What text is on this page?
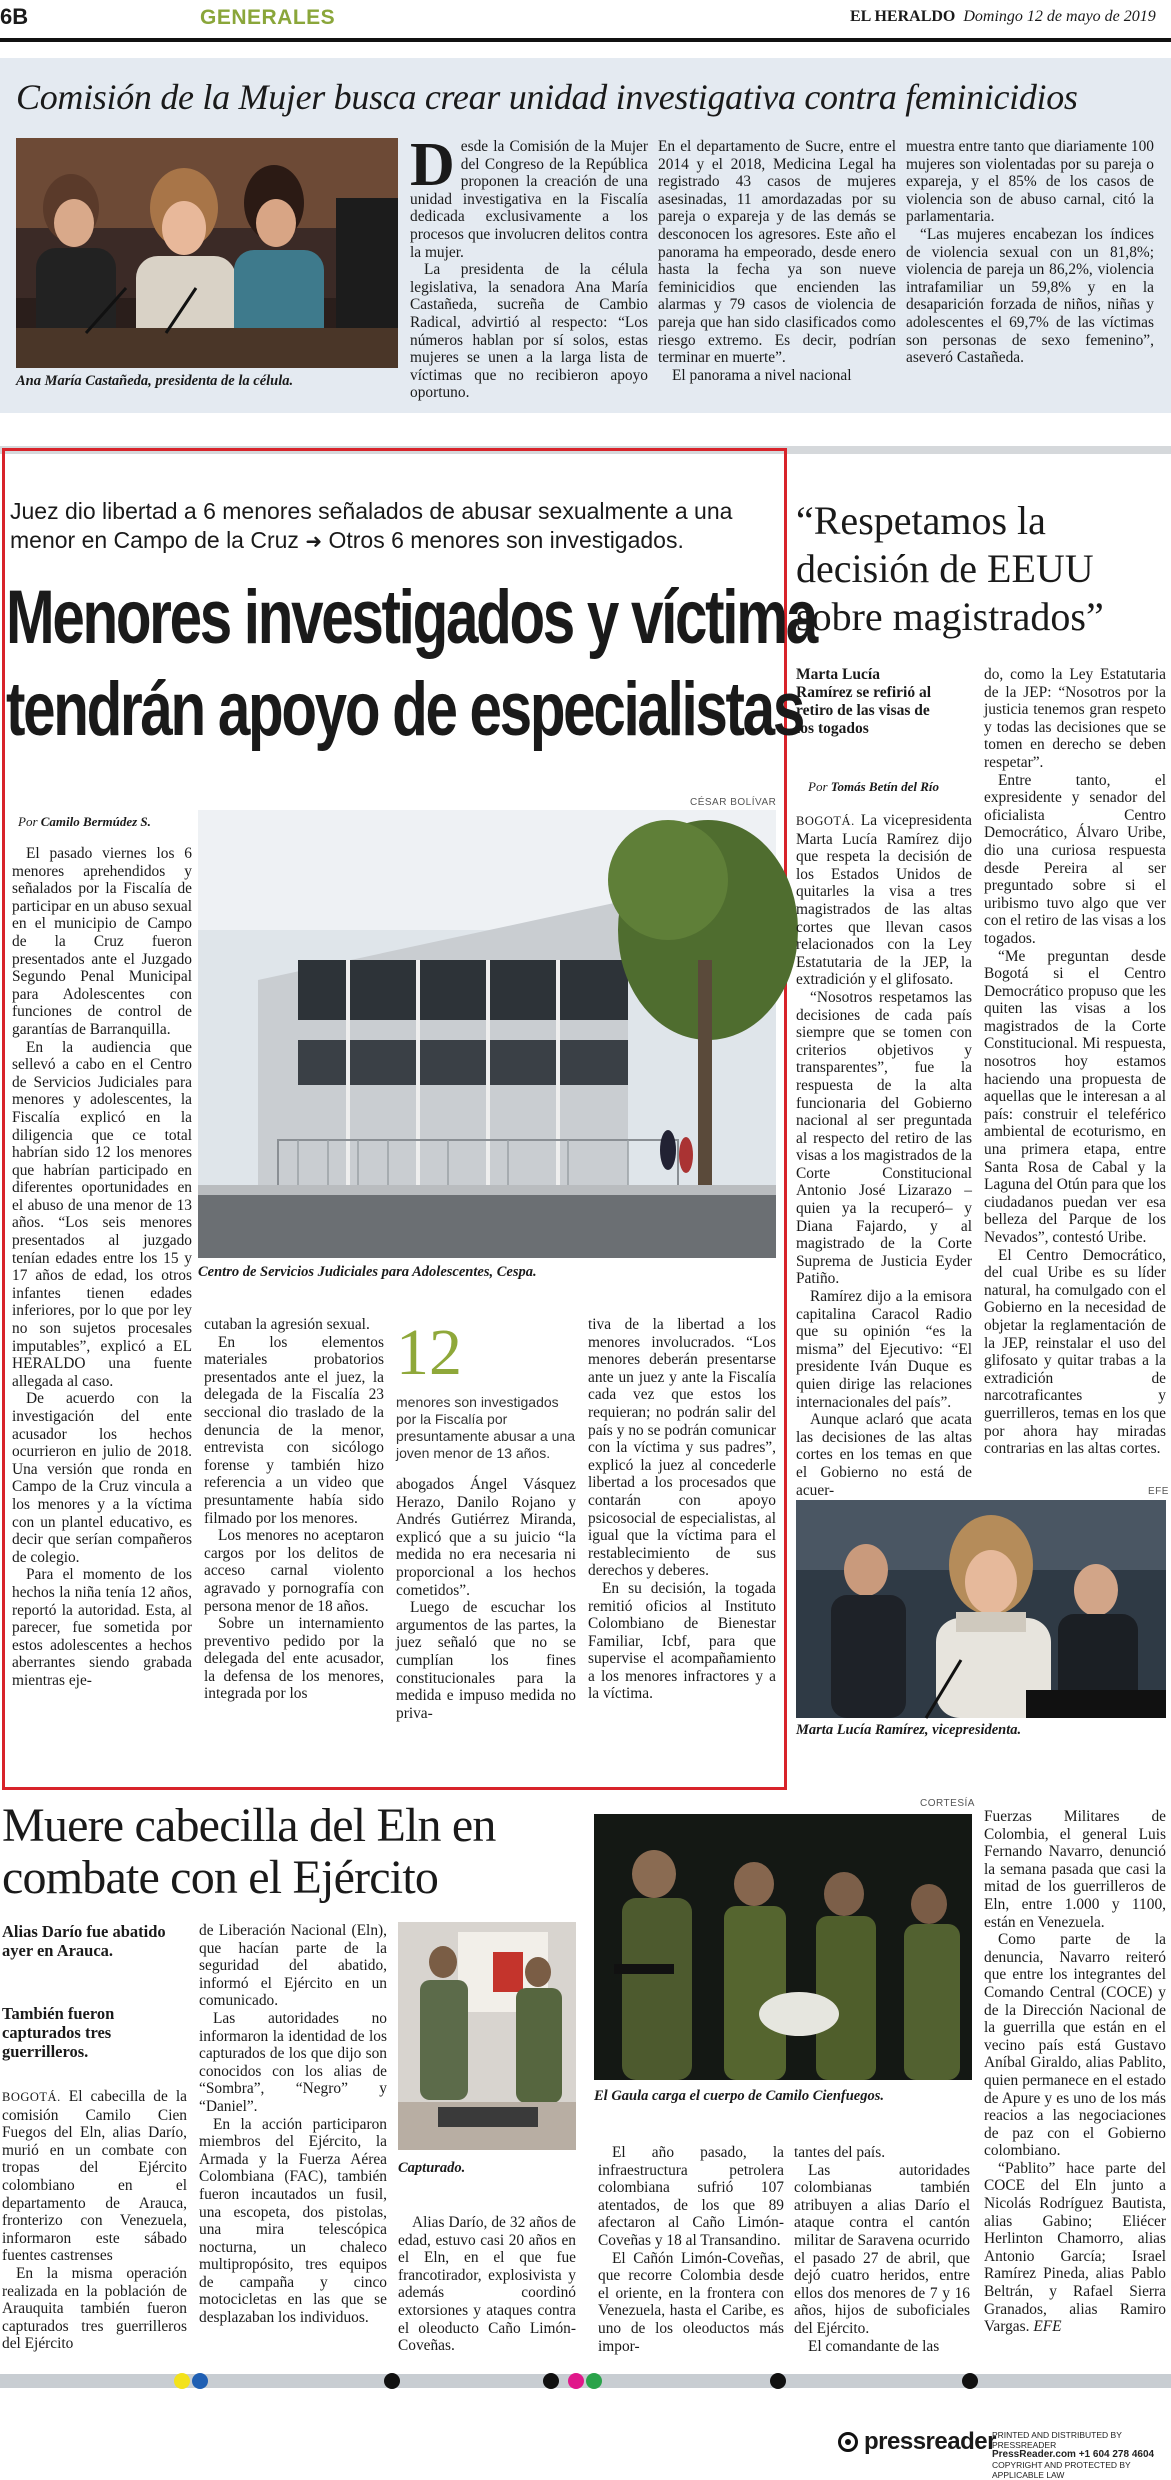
6B	GENERALES	EL HERALDO Domingo 12 de mayo de 2019
Comisión de la Mujer busca crear unidad investigativa contra feminicidios
Ana María Castañeda, presidenta de la célula.

Desde la Comisión de la Mujer del Congreso de la República proponen la creación de una unidad investigativa en la Fiscalía dedicada exclusivamente a los procesos que involucren delitos contra la mujer.

La presidenta de la célula legislativa, la senadora Ana María Castañeda, sucreña de Cambio Radical, advirtió al respecto: “Los números hablan por sí solos, estas mujeres se unen a la larga lista de víctimas que no recibieron apoyo oportuno.

En el departamento de Sucre, entre el 2014 y el 2018, Medicina Legal ha registrado 43 casos de mujeres asesinadas, 11 amordazadas por su pareja o expareja y de las demás se desconocen los agresores. Este año el panorama ha empeorado, desde enero hasta la fecha ya son nueve feminicidios que encienden las alarmas y 79 casos de violencia de pareja que han sido clasificados como riesgo extremo. Es decir, podrían terminar en muerte”.

El panorama a nivel nacional

muestra entre tanto que diariamente 100 mujeres son violentadas por su pareja o expareja, y el 85% de los casos de violencia son de abuso carnal, citó la parlamentaria.

“Las mujeres encabezan los índices de violencia sexual con un 81,8%; violencia de pareja un 86,2%, violencia intrafamiliar un 59,8% y en la desaparición forzada de niños, niñas y adolescentes el 69,7% de las víctimas son personas de sexo femenino”, aseveró Castañeda.

Juez dio libertad a 6 menores señalados de abusar sexualmente a una menor en Campo de la Cruz ➜ Otros 6 menores son investigados.
Menores investigados y víctima
tendrán apoyo de especialistas
Por Camilo Bermúdez S.
CÉSAR BOLÍVAR
Centro de Servicios Judiciales para Adolescentes, Cespa.

El pasado viernes los 6 menores aprehendidos y señalados por la Fiscalía de participar en un abuso sexual en el municipio de Campo de la Cruz fueron presentados ante el Juzgado Segundo Penal Municipal para Adolescentes con funciones de control de garantías de Barranquilla.

En la audiencia que sellevó a cabo en el Centro de Servicios Judiciales para menores y adolescentes, la Fiscalía explicó en la diligencia que ce total habrían sido 12 los menores que habrían participado en diferentes oportunidades en el abuso de una menor de 13 años. “Los seis menores presentados al juzgado tenían edades entre los 15 y 17 años de edad, los otros infantes tienen edades inferiores, por lo que por ley no son sujetos procesales imputables”, explicó a EL HERALDO una fuente allegada al caso.

De acuerdo con la investigación del ente acusador los hechos ocurrieron en julio de 2018. Una versión que ronda en Campo de la Cruz vincula a los menores y a la víctima con un plantel educativo, es decir que serían compañeros de colegio.

Para el momento de los hechos la niña tenía 12 años, reportó la autoridad. Esta, al parecer, fue sometida por estos adolescentes a hechos aberrantes siendo grabada mientras eje-

cutaban la agresión sexual.

En los elementos materiales probatorios presentados ante el juez, la delegada de la Fiscalía 23 seccional dio traslado de la denuncia de la menor, entrevista con sicólogo forense y también hizo referencia a un video que presuntamente había sido filmado por los menores.

Los menores no aceptaron cargos por los delitos de acceso carnal violento agravado y pornografía con persona menor de 18 años.

Sobre un internamiento preventivo pedido por la delegada del ente acusador, la defensa de los menores, integrada por los

12
menores son investigados por la Fiscalía por presuntamente abusar a una joven menor de 13 años.

abogados Ángel Vásquez Herazo, Danilo Rojano y Andrés Gutiérrez Miranda, explicó que a su juicio “la medida no era necesaria ni proporcional a los hechos cometidos”.

Luego de escuchar los argumentos de las partes, la juez señaló que no se cumplían los fines constitucionales para la medida e impuso medida no priva-

tiva de la libertad a los menores involucrados. “Los menores deberán presentarse ante un juez y ante la Fiscalía cada vez que estos los requieran; no podrán salir del país y no se podrán comunicar con la víctima y sus padres”, explicó la juez al concederle libertad a los procesados que contarán con apoyo psicosocial de especialistas, al igual que la víctima para el restablecimiento de sus derechos y deberes.

En su decisión, la togada remitió oficios al Instituto Colombiano de Bienestar Familiar, Icbf, para que supervise el acompañamiento a los menores infractores y a la víctima.

“Respetamos la decisión de EEUU sobre magistrados”
Marta Lucía Ramírez se refirió al retiro de las visas de los togados
Por Tomás Betín del Río

BOGOTÁ. La vicepresidenta Marta Lucía Ramírez dijo que respeta la decisión de los Estados Unidos de quitarles la visa a tres magistrados de las altas cortes que llevan casos relacionados con la Ley Estatutaria de la JEP, la extradición y el glifosato.

“Nosotros respetamos las decisiones de cada país siempre que se tomen con criterios objetivos y transparentes”, fue la respuesta de la alta funcionaria del Gobierno nacional al ser preguntada al respecto del retiro de las visas a los magistrados de la Corte Constitucional Antonio José Lizarazo –quien ya la recuperó– y Diana Fajardo, y al magistrado de la Corte Suprema de Justicia Eyder Patiño.

Ramírez dijo a la emisora capitalina Caracol Radio que su opinión “es la misma” del Ejecutivo: “El presidente Iván Duque es quien dirige las relaciones internacionales del país”.

Aunque aclaró que acata las decisiones de las altas cortes en los temas en que el Gobierno no está de acuer-

do, como la Ley Estatutaria de la JEP: “Nosotros por la justicia tenemos gran respeto y todas las decisiones que se tomen en derecho se deben respetar”.

Entre tanto, el expresidente y senador del oficialista Centro Democrático, Álvaro Uribe, dio una curiosa respuesta desde Pereira al ser preguntado sobre si el uribismo tuvo algo que ver con el retiro de las visas a los togados.

“Me preguntan desde Bogotá si el Centro Democrático propuso que les quiten las visas a los magistrados de la Corte Constitucional. Mi respuesta, nosotros hoy estamos haciendo una propuesta de aquellas que le interesan a al país: construir el teleférico ambiental de ecoturismo, en una primera etapa, entre Santa Rosa de Cabal y la Laguna del Otún para que los ciudadanos puedan ver esa belleza del Parque de los Nevados”, contestó Uribe.

El Centro Democrático, del cual Uribe es su líder natural, ha comulgado con el Gobierno en la necesidad de objetar la reglamentación de la JEP, reinstalar el uso del glifosato y quitar trabas a la extradición de narcotraficantes y guerrilleros, temas en los que por ahora hay miradas contrarias en las altas cortes.

EFE
Marta Lucía Ramírez, vicepresidenta.
Muere cabecilla del Eln en combate con el Ejército
Alias Darío fue abatido ayer en Arauca.
También fueron capturados tres guerrilleros.

BOGOTÁ. El cabecilla de la comisión Camilo Cien Fuegos del Eln, alias Darío, murió en un combate con tropas del Ejército colombiano en el departamento de Arauca, fronterizo con Venezuela, informaron este sábado fuentes castrenses

En la misma operación realizada en la población de Arauquita también fueron capturados tres guerrilleros del Ejército

de Liberación Nacional (Eln), que hacían parte de la seguridad del abatido, informó el Ejército en un comunicado.

Las autoridades no informaron la identidad de los capturados de los que dijo son conocidos con los alias de “Sombra”, “Negro” y “Daniel”.

En la acción participaron miembros del Ejército, la Armada y la Fuerza Aérea Colombiana (FAC), también fueron incautados un fusil, una escopeta, dos pistolas, una mira telescópica nocturna, un chaleco multipropósito, tres equipos de campaña y cinco motocicletas en las que se desplazaban los individuos.

Capturado.

Alias Darío, de 32 años de edad, estuvo casi 20 años en el Eln, en el que fue francotirador, explosivista y además coordinó extorsiones y ataques contra el oleoducto Caño Limón-Coveñas.

CORTESÍA
El Gaula carga el cuerpo de Camilo Cienfuegos.

El año pasado, la infraestructura petrolera colombiana sufrió 107 atentados, de los que 89 afectaron al Caño Limón-Coveñas y 18 al Transandino.

El Cañón Limón-Coveñas, que recorre Colombia desde el oriente, en la frontera con Venezuela, hasta el Caribe, es uno de los oleoductos más impor-

tantes del país.

Las autoridades colombianas también atribuyen a alias Darío el ataque contra el cantón militar de Saravena ocurrido el pasado 27 de abril, que dejó cuatro heridos, entre ellos dos menores de 7 y 16 años, hijos de suboficiales del Ejército.

El comandante de las

Fuerzas Militares de Colombia, el general Luis Fernando Navarro, denunció la semana pasada que casi la mitad de los guerrilleros de Eln, entre 1.000 y 1100, están en Venezuela.

Como parte de la denuncia, Navarro reiteró que entre los integrantes del Comando Central (COCE) y de la Dirección Nacional de la guerrilla que están en el vecino país está Gustavo Aníbal Giraldo, alias Pablito, quien permanece en el estado de Apure y es uno de los más reacios a las negociaciones de paz con el Gobierno colombiano.

“Pablito” hace parte del COCE del Eln junto a Nicolás Rodríguez Bautista, alias Gabino; Eliécer Herlinton Chamorro, alias Antonio García; Israel Ramírez Pineda, alias Pablo Beltrán, y Rafael Sierra Granados, alias Ramiro Vargas. EFE

pressreader
PRINTED AND DISTRIBUTED BY PRESSREADER
PressReader.com +1 604 278 4604
COPYRIGHT AND PROTECTED BY APPLICABLE LAW
